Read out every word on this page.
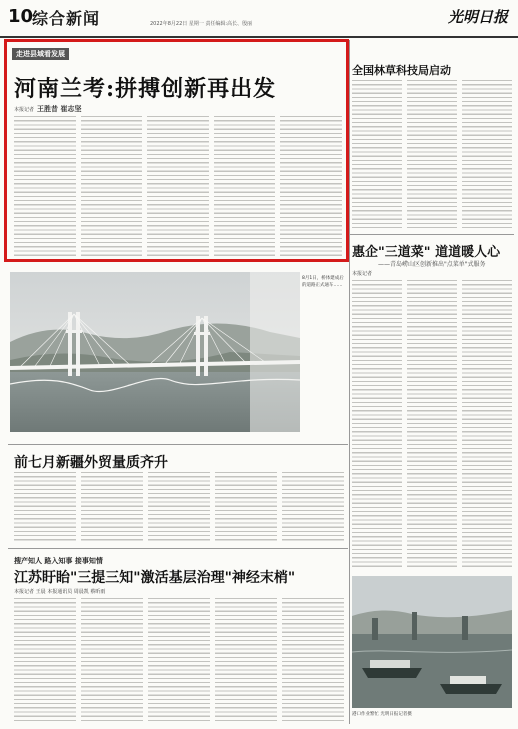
10
综合新闻	2022年8月22日 星期一 责任编辑:高长、殷丽	光明日报
走进县域看发展
河南兰考:拼搏创新再出发
本报记者 王胜昔 崔志坚
全国林草科技局启动
惠企"三道菜" 道道暖人心
——青岛崂山区创新推出"点菜单"式服务
本报记者
8月1日，桥体建成后的道路正式通车……
前七月新疆外贸量质齐升
搜产知人 路入知事 接事知情
江苏盱眙"三提三知"激活基层治理"神经末梢"
本报记者 王晨 本报通讯员 周晨凯 蔡昕雨
港口作业繁忙 光明日报记者摄
